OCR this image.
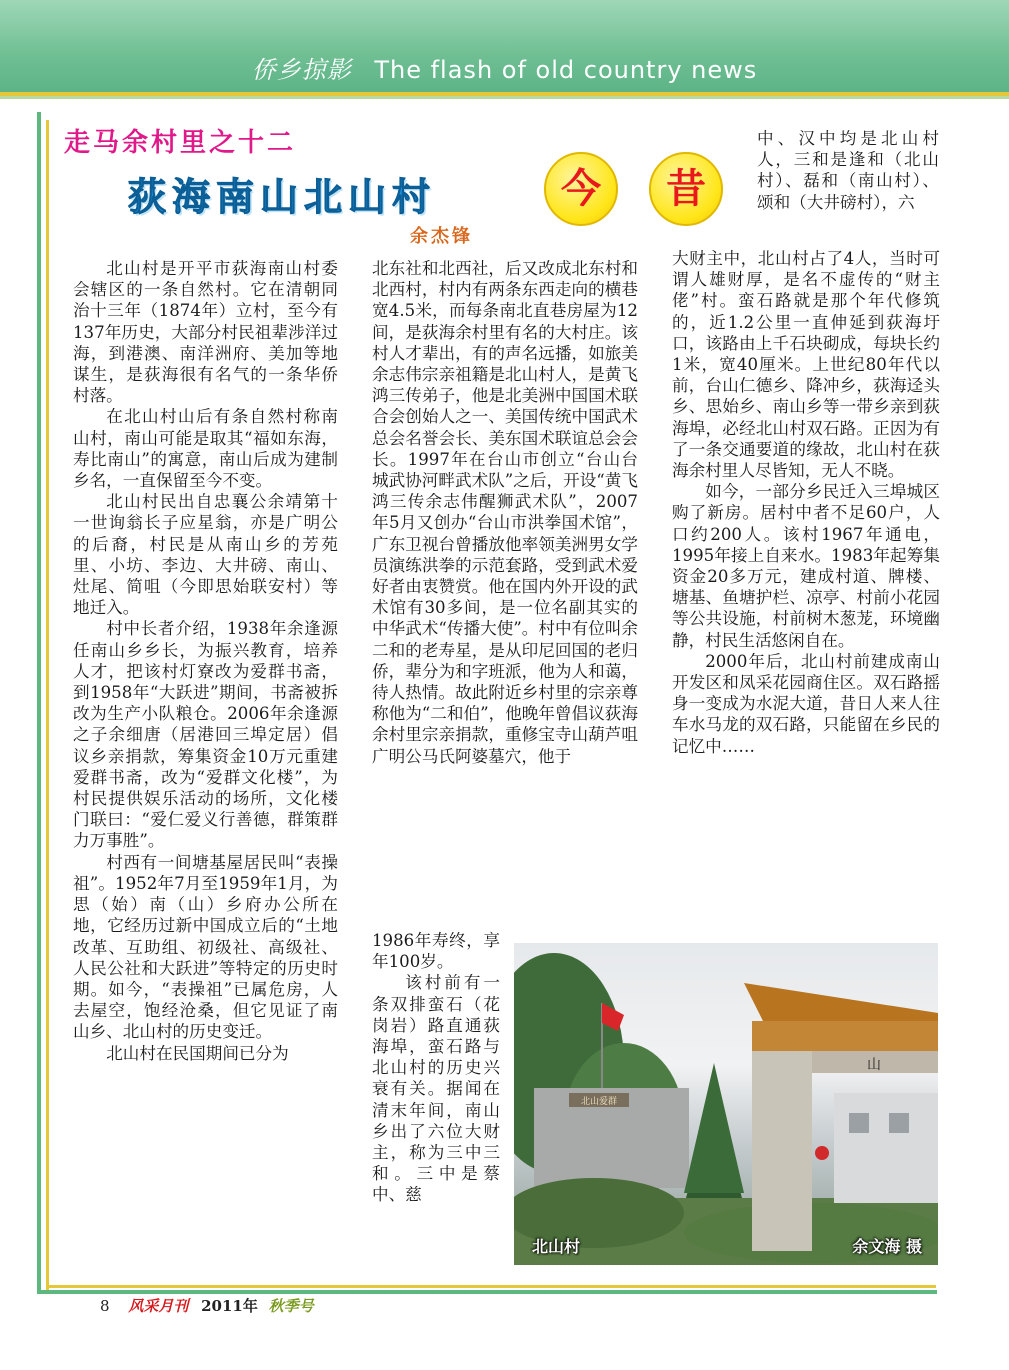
侨乡掠影 The flash of old country news
走马余村里之十二
荻海南山北山村	今	昔
余杰锋

北山村是开平市荻海南山村委会辖区的一条自然村。它在清朝同治十三年（1874年）立村，至今有137年历史，大部分村民祖辈涉洋过海，到港澳、南洋洲府、美加等地谋生，是荻海很有名气的一条华侨村落。

在北山村山后有条自然村称南山村，南山可能是取其“福如东海，寿比南山”的寓意，南山后成为建制乡名，一直保留至今不变。

北山村民出自忠襄公余靖第十一世询翁长子应星翁，亦是广明公的后裔，村民是从南山乡的芳苑里、小坊、李边、大井磅、南山、灶尾、简咀（今即思始联安村）等地迁入。

村中长者介绍，1938年余逢源任南山乡乡长，为振兴教育，培养人才，把该村灯寮改为爱群书斋，到1958年“大跃进”期间，书斋被拆改为生产小队粮仓。2006年余逢源之子余细唐（居港回三埠定居）倡议乡亲捐款，筹集资金10万元重建爱群书斋，改为“爱群文化楼”，为村民提供娱乐活动的场所，文化楼门联曰：“爱仁爱义行善德，群策群力万事胜”。

村西有一间塘基屋居民叫“表操祖”。1952年7月至1959年1月，为思（始）南（山）乡府办公所在地，它经历过新中国成立后的“土地改革、互助组、初级社、高级社、人民公社和大跃进”等特定的历史时期。如今，“表操祖”已属危房，人去屋空，饱经沧桑，但它见证了南山乡、北山村的历史变迁。

北山村在民国期间已分为

北东社和北西社，后又改成北东村和北西村，村内有两条东西走向的横巷宽4.5米，而每条南北直巷房屋为12间，是荻海余村里有名的大村庄。该村人才辈出，有的声名远播，如旅美余志伟宗亲祖籍是北山村人，是黄飞鸿三传弟子，他是北美洲中国国术联合会创始人之一、美国传统中国武术总会名誉会长、美东国术联谊总会会长。1997年在台山市创立“台山台城武协河畔武术队”之后，开设“黄飞鸿三传余志伟醒狮武术队”，2007年5月又创办“台山市洪拳国术馆”，广东卫视台曾播放他率领美洲男女学员演练洪拳的示范套路，受到武术爱好者由衷赞赏。他在国内外开设的武术馆有30多间，是一位名副其实的中华武术“传播大使”。村中有位叫余二和的老寿星，是从印尼回国的老归侨，辈分为和字班派，他为人和蔼，待人热情。故此附近乡村里的宗亲尊称他为“二和伯”，他晚年曾倡议荻海余村里宗亲捐款，重修宝寺山葫芦咀广明公马氏阿婆墓穴，他于

1986年寿终，享年100岁。

该村前有一条双排蛮石（花岗岩）路直通荻海埠，蛮石路与北山村的历史兴衰有关。据闻在清末年间，南山乡出了六位大财主，称为三中三和。三中是蔡中、慈

中、汉中均是北山村人，三和是逢和（北山村）、磊和（南山村）、颂和（大井磅村），六

大财主中，北山村占了4人，当时可谓人雄财厚，是名不虚传的“财主佬”村。蛮石路就是那个年代修筑的，近1.2公里一直伸延到荻海圩口，该路由上千石块砌成，每块长约1米，宽40厘米。上世纪80年代以前，台山仁德乡、降冲乡，荻海迳头乡、思始乡、南山乡等一带乡亲到荻海埠，必经北山村双石路。正因为有了一条交通要道的缘故，北山村在荻海余村里人尽皆知，无人不晓。

如今，一部分乡民迁入三埠城区购了新房。居村中者不足60户，人口约200人。该村1967年通电，1995年接上自来水。1983年起筹集资金20多万元，建成村道、牌楼、塘基、鱼塘护栏、凉亭、村前小花园等公共设施，村前树木葱茏，环境幽静，村民生活悠闲自在。

2000年后，北山村前建成南山开发区和凤采花园商住区。双石路摇身一变成为水泥大道，昔日人来人往车水马龙的双石路，只能留在乡民的记忆中……

北山爱群
山
北山村	余文海 摄
8 风采月刊 2011年 秋季号
